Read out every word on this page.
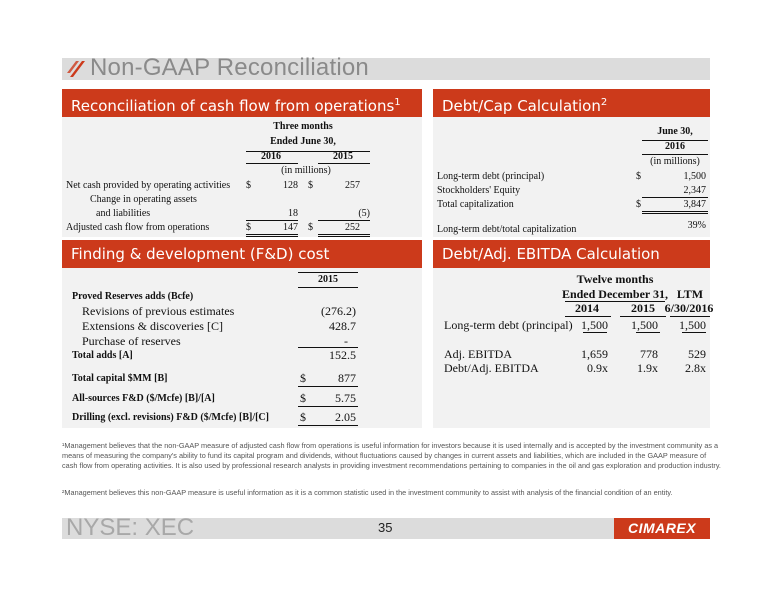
Non-GAAP Reconciliation
Reconciliation of cash flow from operations$^1$	Debt/Cap Calculation$^2$
Finding & development (F&D) cost	Debt/Adj. EBITDA Calculation
Three months
Ended June 30,
2016	2015
(in millions)
Net cash provided by operating activities $	128 $	257
Change in operating assets
and liabilities	18	(5)
Adjusted cash flow from operations	$	147 $	252
June 30,
2016
(in millions)
Long-term debt (principal)	$	1,500
Stockholders' Equity	2,347
Total capitalization	$	3,847
Long-term debt/total capitalization	39%
2015
Proved Reserves adds (Bcfe)
Revisions of previous estimates	(276.2)
Extensions & discoveries [C]	428.7
Purchase of reserves	-
Total adds [A]	152.5
Total capital $MM [B]	$	877
All-sources F&D ($/Mcfe) [B]/[A]	$	5.75
Drilling (excl. revisions) F&D ($/Mcfe) [B]/[C]	$	2.05
Twelve months
Ended December 31, LTM
2014	2015 6/30/2016
Long-term debt (principal) 1,500	1,500	1,500
Adj. EBITDA	1,659	778	529
Debt/Adj. EBITDA	0.9x	1.9x	2.8x
¹Management believes that the non-GAAP measure of adjusted cash flow from operations is useful information for investors because it is used internally and is accepted by the investment community as a means of measuring the company's ability to fund its capital program and dividends, without fluctuations caused by changes in current assets and liabilities, which are included in the GAAP measure of cash flow from operating activities. It is also used by professional research analysts in providing investment recommendations pertaining to companies in the oil and gas exploration and production industry.
²Management believes this non-GAAP measure is useful information as it is a common statistic used in the investment community to assist with analysis of the financial condition of an entity.
NYSE: XEC	35	CIMAREX
